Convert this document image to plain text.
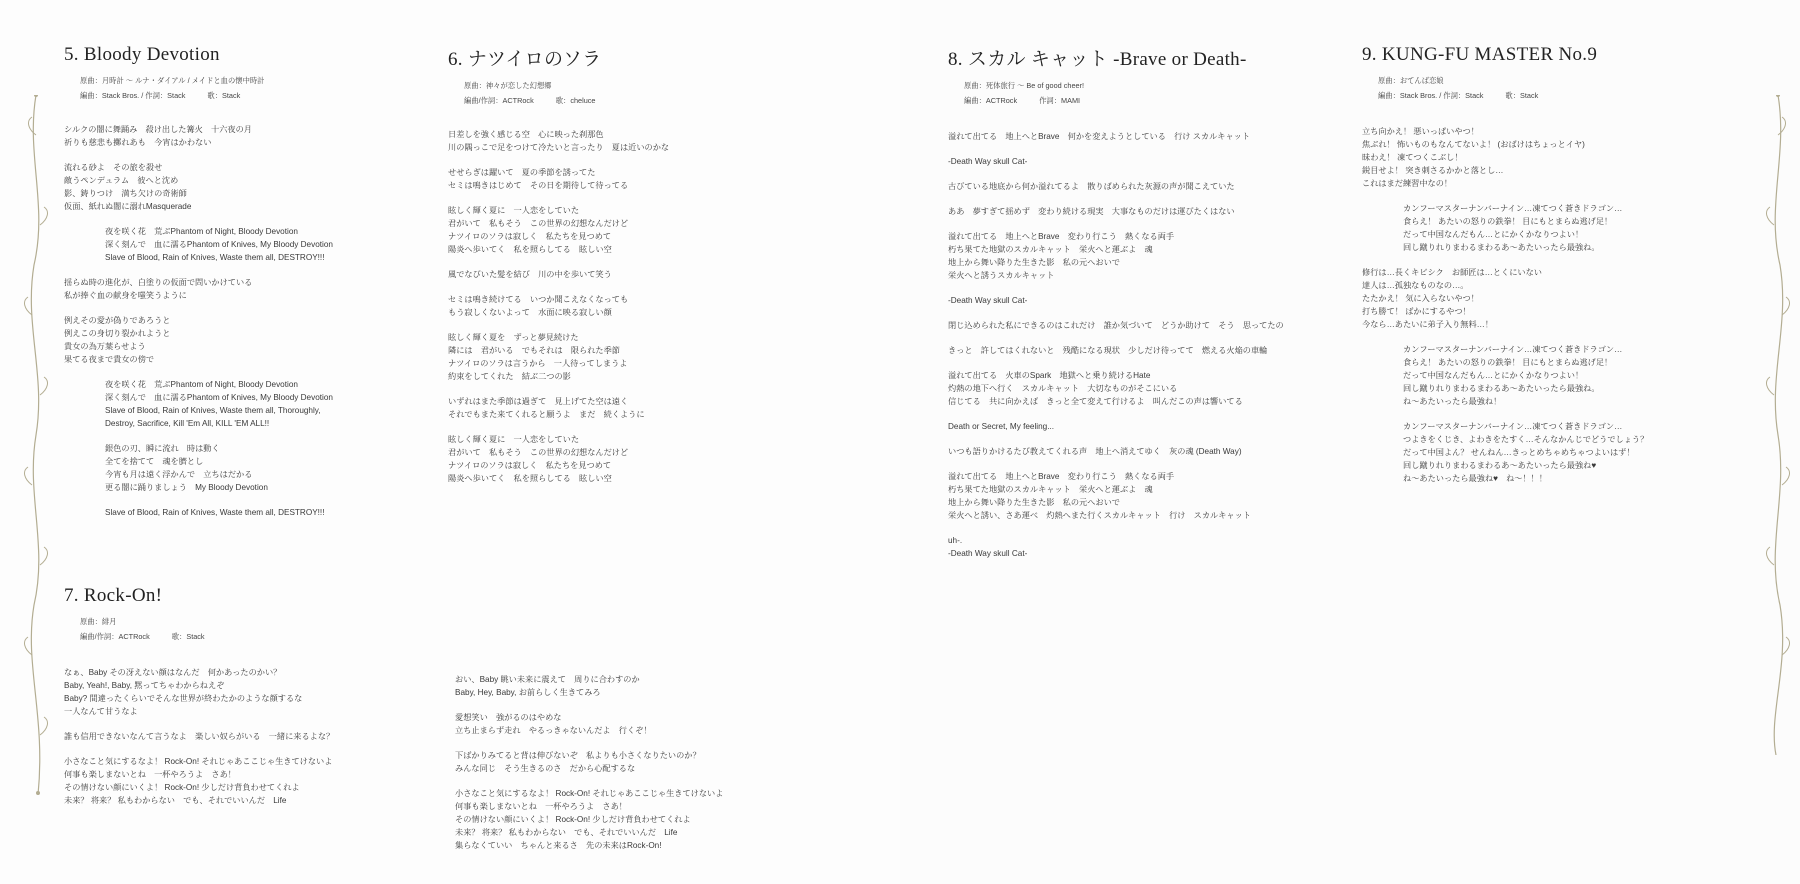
5. Bloody Devotion
原曲：月時計 ～ ルナ・ダイアル / メイドと血の懐中時計
編曲：Stack Bros. / 作詞：Stack	歌：Stack
シルクの闇に舞踊み　殺け出した篝火　十六夜の月
祈りも慈悲も擲れあも　今宵はかわない
流れる砂よ　その旅を殺せ
敵うペンデュラム　彼へと沈め
影、鋳りつけ　満ち欠けの奇術師
仮面、紙れぬ闇に溺れMasquerade
夜を咲く花　荒ぶPhantom of Night, Bloody Devotion
深く刻んで　血に濡るPhantom of Knives, My Bloody Devotion
Slave of Blood, Rain of Knives, Waste them all, DESTROY!!!
揺らぬ時の進化が、白塗りの仮面で問いかけている
私が捧ぐ血の献身を嗤笑うように
例えその愛が偽りであろうと
例えこの身切り裂かれようと
貴女の為万葉らせよう
果てる夜まで貴女の傍で
夜を咲く花　荒ぶPhantom of Night, Bloody Devotion
深く刻んで　血に濡るPhantom of Knives, My Bloody Devotion
Slave of Blood, Rain of Knives, Waste them all, Thoroughly,
Destroy, Sacrifice, Kill 'Em All, KILL 'EM ALL!!
銀色の刃、瞬に流れ　時は動く
全てを捨てて　魂を臍とし
今宵も月は遠く浮かんで　立ちはだかる
更る闇に踊りましょう　My Bloody Devotion
Slave of Blood, Rain of Knives, Waste them all, DESTROY!!!
6. ナツイロのソラ
原曲：神々が恋した幻想郷
編曲/作詞：ACTRock	歌：cheluce
日差しを強く感じる空　心に映った刹那色
川の隅っこで足をつけて冷たいと言ったり　夏は近いのかな
せせらぎは躍いて　夏の季節を誘ってた
セミは鳴きはじめて　その日を期待して待ってる
眩しく輝く夏に　一人恋をしていた
君がいて　私もそう　この世界の幻想なんだけど
ナツイロのソラは寂しく　私たちを見つめて
陽炎へ歩いてく　私を照らしてる　眩しい空
風でなびいた髪を結び　川の中を歩いて笑う
セミは鳴き続けてる　いつか聞こえなくなっても
もう寂しくないよって　水面に映る寂しい顔
眩しく輝く夏を　ずっと夢見続けた
隣には　君がいる　でもそれは　限られた季節
ナツイロのソラは言うから　一人待ってしまうよ
約束をしてくれた　結ぶ二つの影
いずれはまた季節は過ぎて　見上げてた空は遠く
それでもまた来てくれると願うよ　まだ　続くように
眩しく輝く夏に　一人恋をしていた
君がいて　私もそう　この世界の幻想なんだけど
ナツイロのソラは寂しく　私たちを見つめて
陽炎へ歩いてく　私を照らしてる　眩しい空
7. Rock-On!
原曲：緋月
編曲/作詞：ACTRock	歌：Stack
なぁ、Baby その冴えない顔はなんだ　何かあったのかい？
Baby, Yeah!, Baby, 黙ってちゃわからねえぞ
Baby? 間違ったくらいでそんな世界が終わたかのような顔するな
一人なんて甘うなよ
誰も信用できないなんて言うなよ　楽しい奴らがいる　一緒に来るよな？
小さなこと気にするなよ！ Rock-On! それじゃあここじゃ生きてけないよ
何事も楽しまないとね　一杯やろうよ　さあ！
その情けない顔にいくよ！ Rock-On! 少しだけ背負わせてくれよ
未来？ 将来？ 私もわからない　でも、それでいいんだ　Life
おい、Baby 眺い未来に震えて　周りに合わすのか
Baby, Hey, Baby, お前らしく生きてみろ
愛想笑い　強がるのはやめな
立ち止まらず走れ　やるっきゃないんだよ　行くぞ！
下ばかりみてると背は伸びないぞ　私よりも小さくなりたいのか？
みんな同じ　そう生きるのさ　だから心配するな
小さなこと気にするなよ！ Rock-On! それじゃあここじゃ生きてけないよ
何事も楽しまないとね　一杯やろうよ　さあ！
その情けない顔にいくよ！ Rock-On! 少しだけ背負わせてくれよ
未来？ 将来？ 私もわからない　でも、それでいいんだ　Life
集らなくていい　ちゃんと来るさ　先の未来はRock-On!
8. スカル キャット -Brave or Death-
原曲：死体旅行 ～ Be of good cheer!
編曲：ACTRock	作詞：MAMI
溢れて出てる　地上へとBrave　何かを変えようとしている　行け スカルキャット
-Death Way skull Cat-
古びている地底から何か溢れてるよ　散りばめられた灰源の声が聞こえていた
ああ　夢すぎて揺めず　変わり続ける現実　大事なものだけは運びたくはない
溢れて出てる　地上へとBrave　変わり行こう　熱くなる両手
朽ち果てた地獄のスカルキャット　栄火へと運ぶよ　魂
地上から舞い降りた生きた影　私の元へおいで
栄火へと誘うスカルキャット
-Death Way skull Cat-
閉じ込められた私にできるのはこれだけ　誰か気づいて　どうか助けて　そう　思ってたの
きっと　許してはくれないと　残酷になる現状　少しだけ待ってて　燃える火焔の車輪
溢れて出てる　火車のSpark　地獄へと乗り続けるHate
灼熱の地下へ行く　スカルキャット　大切なものがそこにいる
信じてる　共に向かえば　きっと全て変えて行けるよ　叫んだこの声は響いてる
Death or Secret, My feeling...
いつも語りかけるたび教えてくれる声　地上へ消えてゆく　灰の魂 (Death Way)
溢れて出てる　地上へとBrave　変わり行こう　熱くなる両手
朽ち果てた地獄のスカルキャット　栄火へと運ぶよ　魂
地上から舞い降りた生きた影　私の元へおいで
栄火へと誘い、さあ運べ　灼熱へまた行くスカルキャット　行け　スカルキャット
uh-.
-Death Way skull Cat-
9. KUNG-FU MASTER No.9
原曲：おてんば恋娘
編曲：Stack Bros. / 作詞：Stack	歌：Stack
立ち向かえ！ 悪いっぱいやつ！
焦ぶれ！ 怖いものもなんてないよ！ (おばけはちょっとイヤ)
昧わえ！ 凍てつくこぶし！
鋭目せよ！ 突き刺さるかかと落とし…
これはまだ練習中なの！
カンフーマスターナンバーナイン…凍てつく蒼きドラゴン…
食らえ！ あたいの怒りの鉄拳！ 目にもとまらぬ逃げ足！
だって中国なんだもん…とにかくかなりつよい！
回し蹴りれりまわるまわるあ～あたいったら最強ね。
修行は…長くキビシク　お師匠は…とくにいない
達人は…孤独なものなの…。
たたかえ！ 気に入らないやつ！
打ち勝て！ ばかにするやつ！
今なら…あたいに弟子入り無料…！
カンフーマスターナンバーナイン…凍てつく蒼きドラゴン…
食らえ！ あたいの怒りの鉄拳！ 目にもとまらぬ逃げ足！
だって中国なんだもん…とにかくかなりつよい！
回し蹴りれりまわるまわるあ～あたいったら最強ね。
ね～あたいったら最強ね！
カンフーマスターナンバーナイン…凍てつく蒼きドラゴン…
つよきをくじき、よわきをたすく…そんなかんじでどうでしょう？
だって中国よん？ せんねん…きっとめちゃめちゃつよいはず！
回し蹴りれりまわるまわるあ～あたいったら最強ね♥
ね～あたいったら最強ね♥　ね～！！！
